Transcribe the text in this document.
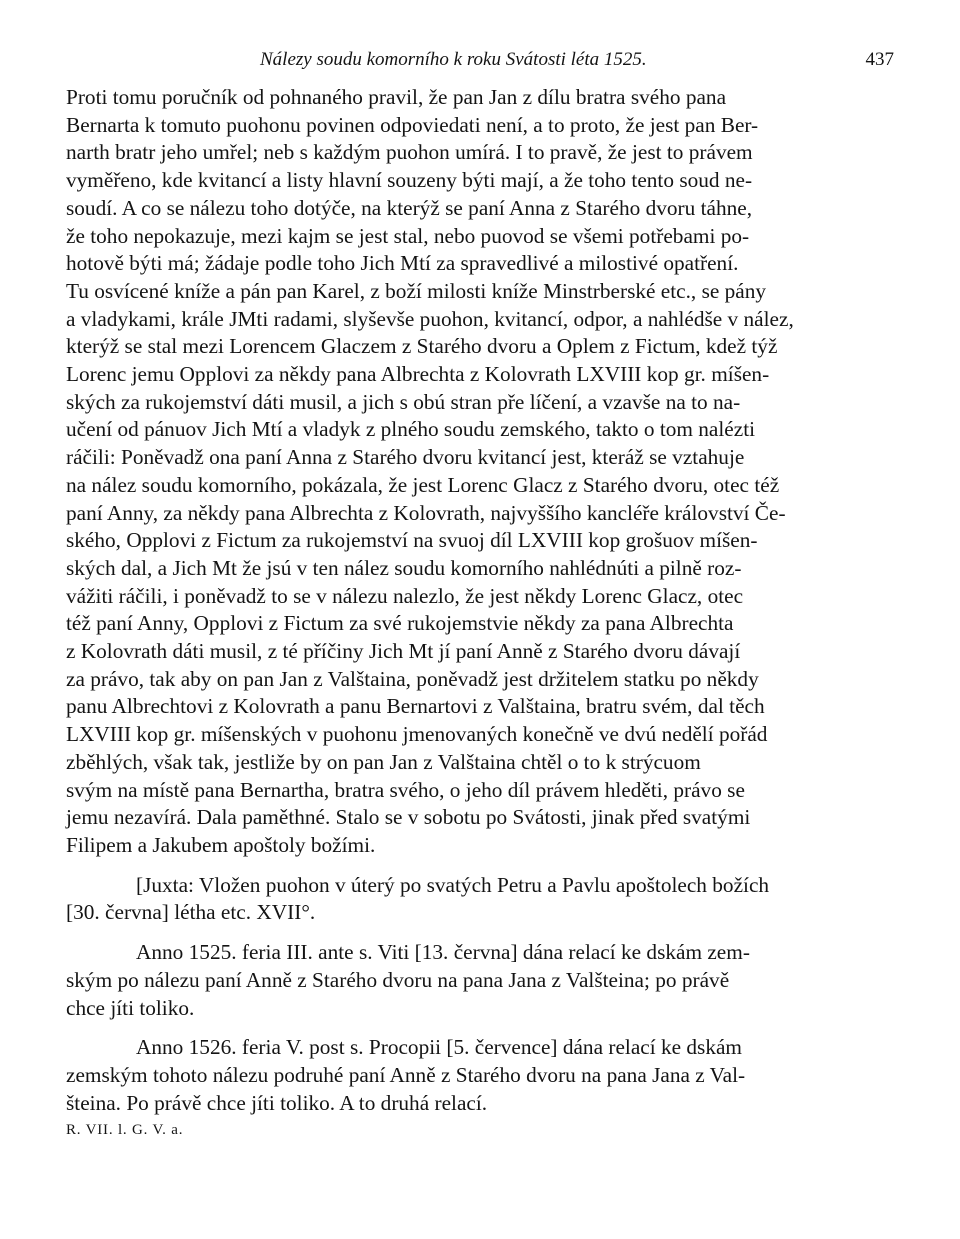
Nálezy soudu komorního k roku Svátosti léta 1525.	437
Proti tomu poručník od pohnaného pravil, že pan Jan z dílu bratra svého pana
Bernarta k tomuto puohonu povinen odpoviedati není, a to proto, že jest pan Ber-
narth bratr jeho umřel; neb s každým puohon umírá. I to pravě, že jest to právem
vyměřeno, kde kvitancí a listy hlavní souzeny býti mají, a že toho tento soud ne-
soudí. A co se nálezu toho dotýče, na kterýž se paní Anna z Starého dvoru táhne,
že toho nepokazuje, mezi kajm se jest stal, nebo puovod se všemi potřebami po-
hotově býti má; žádaje podle toho Jich Mtí za spravedlivé a milostivé opatření.
Tu osvícené kníže a pán pan Karel, z boží milosti kníže Minstrberské etc., se pány
a vladykami, krále JMti radami, slyševše puohon, kvitancí, odpor, a nahlédše v nález,
kterýž se stal mezi Lorencem Glaczem z Starého dvoru a Oplem z Fictum, kdež týž
Lorenc jemu Opplovi za někdy pana Albrechta z Kolovrath LXVIII kop gr. míšen-
ských za rukojemství dáti musil, a jich s obú stran pře líčení, a vzavše na to na-
učení od pánuov Jich Mtí a vladyk z plného soudu zemského, takto o tom nalézti
ráčili: Poněvadž ona paní Anna z Starého dvoru kvitancí jest, kteráž se vztahuje
na nález soudu komorního, pokázala, že jest Lorenc Glacz z Starého dvoru, otec též
paní Anny, za někdy pana Albrechta z Kolovrath, najvyššího kancléře království Če-
ského, Opplovi z Fictum za rukojemství na svuoj díl LXVIII kop grošuov míšen-
ských dal, a Jich Mt že jsú v ten nález soudu komorního nahlédnúti a pilně roz-
vážiti ráčili, i poněvadž to se v nálezu nalezlo, že jest někdy Lorenc Glacz, otec
též paní Anny, Opplovi z Fictum za své rukojemstvie někdy za pana Albrechta
z Kolovrath dáti musil, z té příčiny Jich Mt jí paní Anně z Starého dvoru dávají
za právo, tak aby on pan Jan z Valštaina, poněvadž jest držitelem statku po někdy
panu Albrechtovi z Kolovrath a panu Bernartovi z Valštaina, bratru svém, dal těch
LXVIII kop gr. míšenských v puohonu jmenovaných konečně ve dvú nedělí pořád
zběhlých, však tak, jestliže by on pan Jan z Valštaina chtěl o to k strýcuom
svým na místě pana Bernartha, bratra svého, o jeho díl právem hleděti, právo se
jemu nezavírá. Dala paměthné. Stalo se v sobotu po Svátosti, jinak před svatými
Filipem a Jakubem apoštoly božími.
[Juxta: Vložen puohon v úterý po svatých Petru a Pavlu apoštolech božích
[30. června] létha etc. XVII°.
Anno 1525. feria III. ante s. Viti [13. června] dána relací ke dskám zem-
ským po nálezu paní Anně z Starého dvoru na pana Jana z Valšteina; po právě
chce jíti toliko.
Anno 1526. feria V. post s. Procopii [5. července] dána relací ke dskám
zemským tohoto nálezu podruhé paní Anně z Starého dvoru na pana Jana z Val-
šteina. Po právě chce jíti toliko. A to druhá relací.
R. VII. l. G. V. a.
